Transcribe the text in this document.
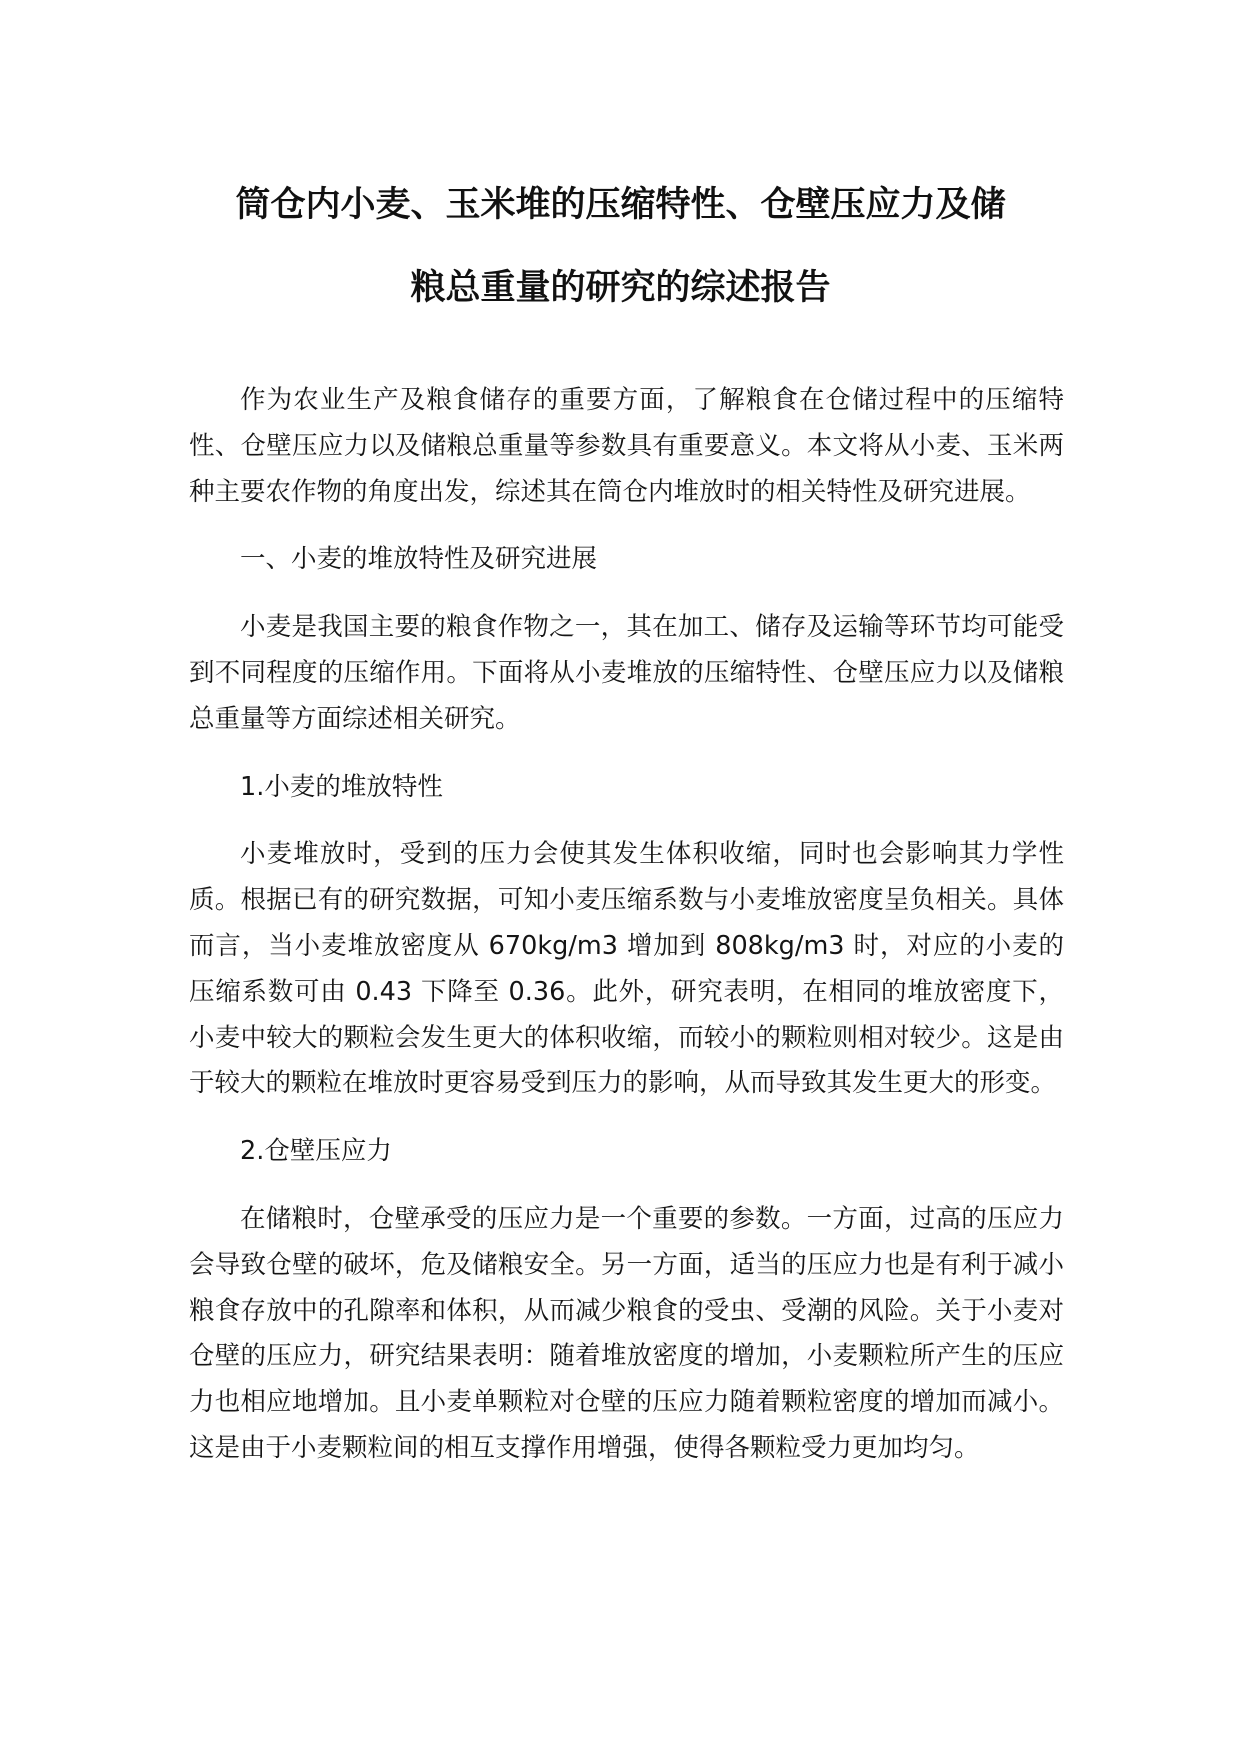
筒仓内小麦、玉米堆的压缩特性、仓壁压应力及储
粮总重量的研究的综述报告

作为农业生产及粮食储存的重要方面，了解粮食在仓储过程中的压缩特性、仓壁压应力以及储粮总重量等参数具有重要意义。本文将从小麦、玉米两种主要农作物的角度出发，综述其在筒仓内堆放时的相关特性及研究进展。

一、小麦的堆放特性及研究进展

小麦是我国主要的粮食作物之一，其在加工、储存及运输等环节均可能受到不同程度的压缩作用。下面将从小麦堆放的压缩特性、仓壁压应力以及储粮总重量等方面综述相关研究。

1.小麦的堆放特性

小麦堆放时，受到的压力会使其发生体积收缩，同时也会影响其力学性质。根据已有的研究数据，可知小麦压缩系数与小麦堆放密度呈负相关。具体而言，当小麦堆放密度从 670kg/m3 增加到 808kg/m3 时，对应的小麦的压缩系数可由 0.43 下降至 0.36。此外，研究表明，在相同的堆放密度下，小麦中较大的颗粒会发生更大的体积收缩，而较小的颗粒则相对较少。这是由于较大的颗粒在堆放时更容易受到压力的影响，从而导致其发生更大的形变。

2.仓壁压应力

在储粮时，仓壁承受的压应力是一个重要的参数。一方面，过高的压应力会导致仓壁的破坏，危及储粮安全。另一方面，适当的压应力也是有利于减小粮食存放中的孔隙率和体积，从而减少粮食的受虫、受潮的风险。关于小麦对仓壁的压应力，研究结果表明：随着堆放密度的增加，小麦颗粒所产生的压应力也相应地增加。且小麦单颗粒对仓壁的压应力随着颗粒密度的增加而减小。这是由于小麦颗粒间的相互支撑作用增强，使得各颗粒受力更加均匀。
